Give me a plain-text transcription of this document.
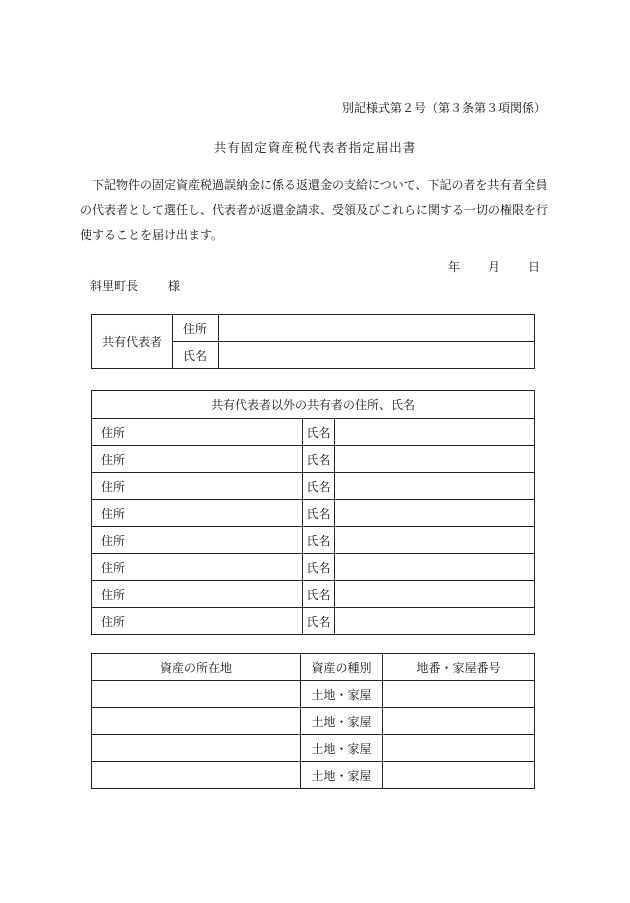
別記様式第２号（第３条第３項関係）
共有固定資産税代表者指定届出書

下記物件の固定資産税過誤納金に係る返還金の支給について、下記の者を共有者全員の代表者として選任し、代表者が返還金請求、受領及びこれらに関する一切の権限を行使することを届け出ます。

年 月 日
斜里町長	様
共有代表者	住所	
	氏名	
共有代表者以外の共有者の住所、氏名		
住所	氏名	
住所	氏名	
住所	氏名	
住所	氏名	
住所	氏名	
住所	氏名	
住所	氏名	
住所	氏名	
資産の所在地	資産の種別	地番・家屋番号
	土地・家屋	
	土地・家屋	
	土地・家屋	
	土地・家屋	
